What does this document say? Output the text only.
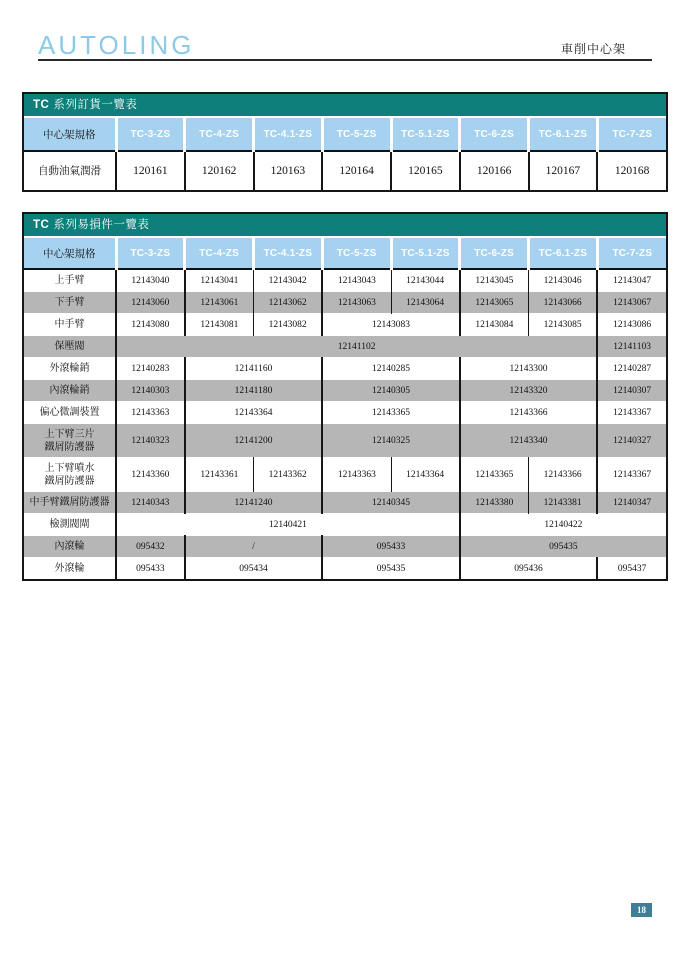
AUTOLING	車削中心架
TC 系列訂貨一覽表
中心架規格	TC-3-ZS	TC-4-ZS	TC-4.1-ZS	TC-5-ZS	TC-5.1-ZS	TC-6-ZS	TC-6.1-ZS	TC-7-ZS
自動油氣潤滑	120161	120162	120163	120164	120165	120166	120167	120168
TC 系列易損件一覽表
中心架規格	TC-3-ZS	TC-4-ZS	TC-4.1-ZS	TC-5-ZS	TC-5.1-ZS	TC-6-ZS	TC-6.1-ZS	TC-7-ZS
上手臂	12143040	12143041	12143042	12143043	12143044	12143045	12143046	12143047
下手臂	12143060	12143061	12143062	12143063	12143064	12143065	12143066	12143067
中手臂	12143080	12143081	12143082	12143083		12143084	12143085	12143086
保壓閥	12141102							12141103
外滾輪銷	12140283	12141160		12140285		12143300		12140287
內滾輪銷	12140303	12141180		12140305		12143320		12140307
偏心微調裝置	12143363	12143364		12143365		12143366		12143367
上下臂三片
鐵屑防護器	12140323	12141200		12140325		12143340		12140327
上下臂噴水
鐵屑防護器	12143360	12143361	12143362	12143363	12143364	12143365	12143366	12143367
中手臂鐵屑防護器	12140343	12141240		12140345		12143380	12143381	12140347
檢測閥閘	12140421					12140422		
內滾輪	095432	/		095433		095435		
外滾輪	095433	095434		095435		095436		095437
18
